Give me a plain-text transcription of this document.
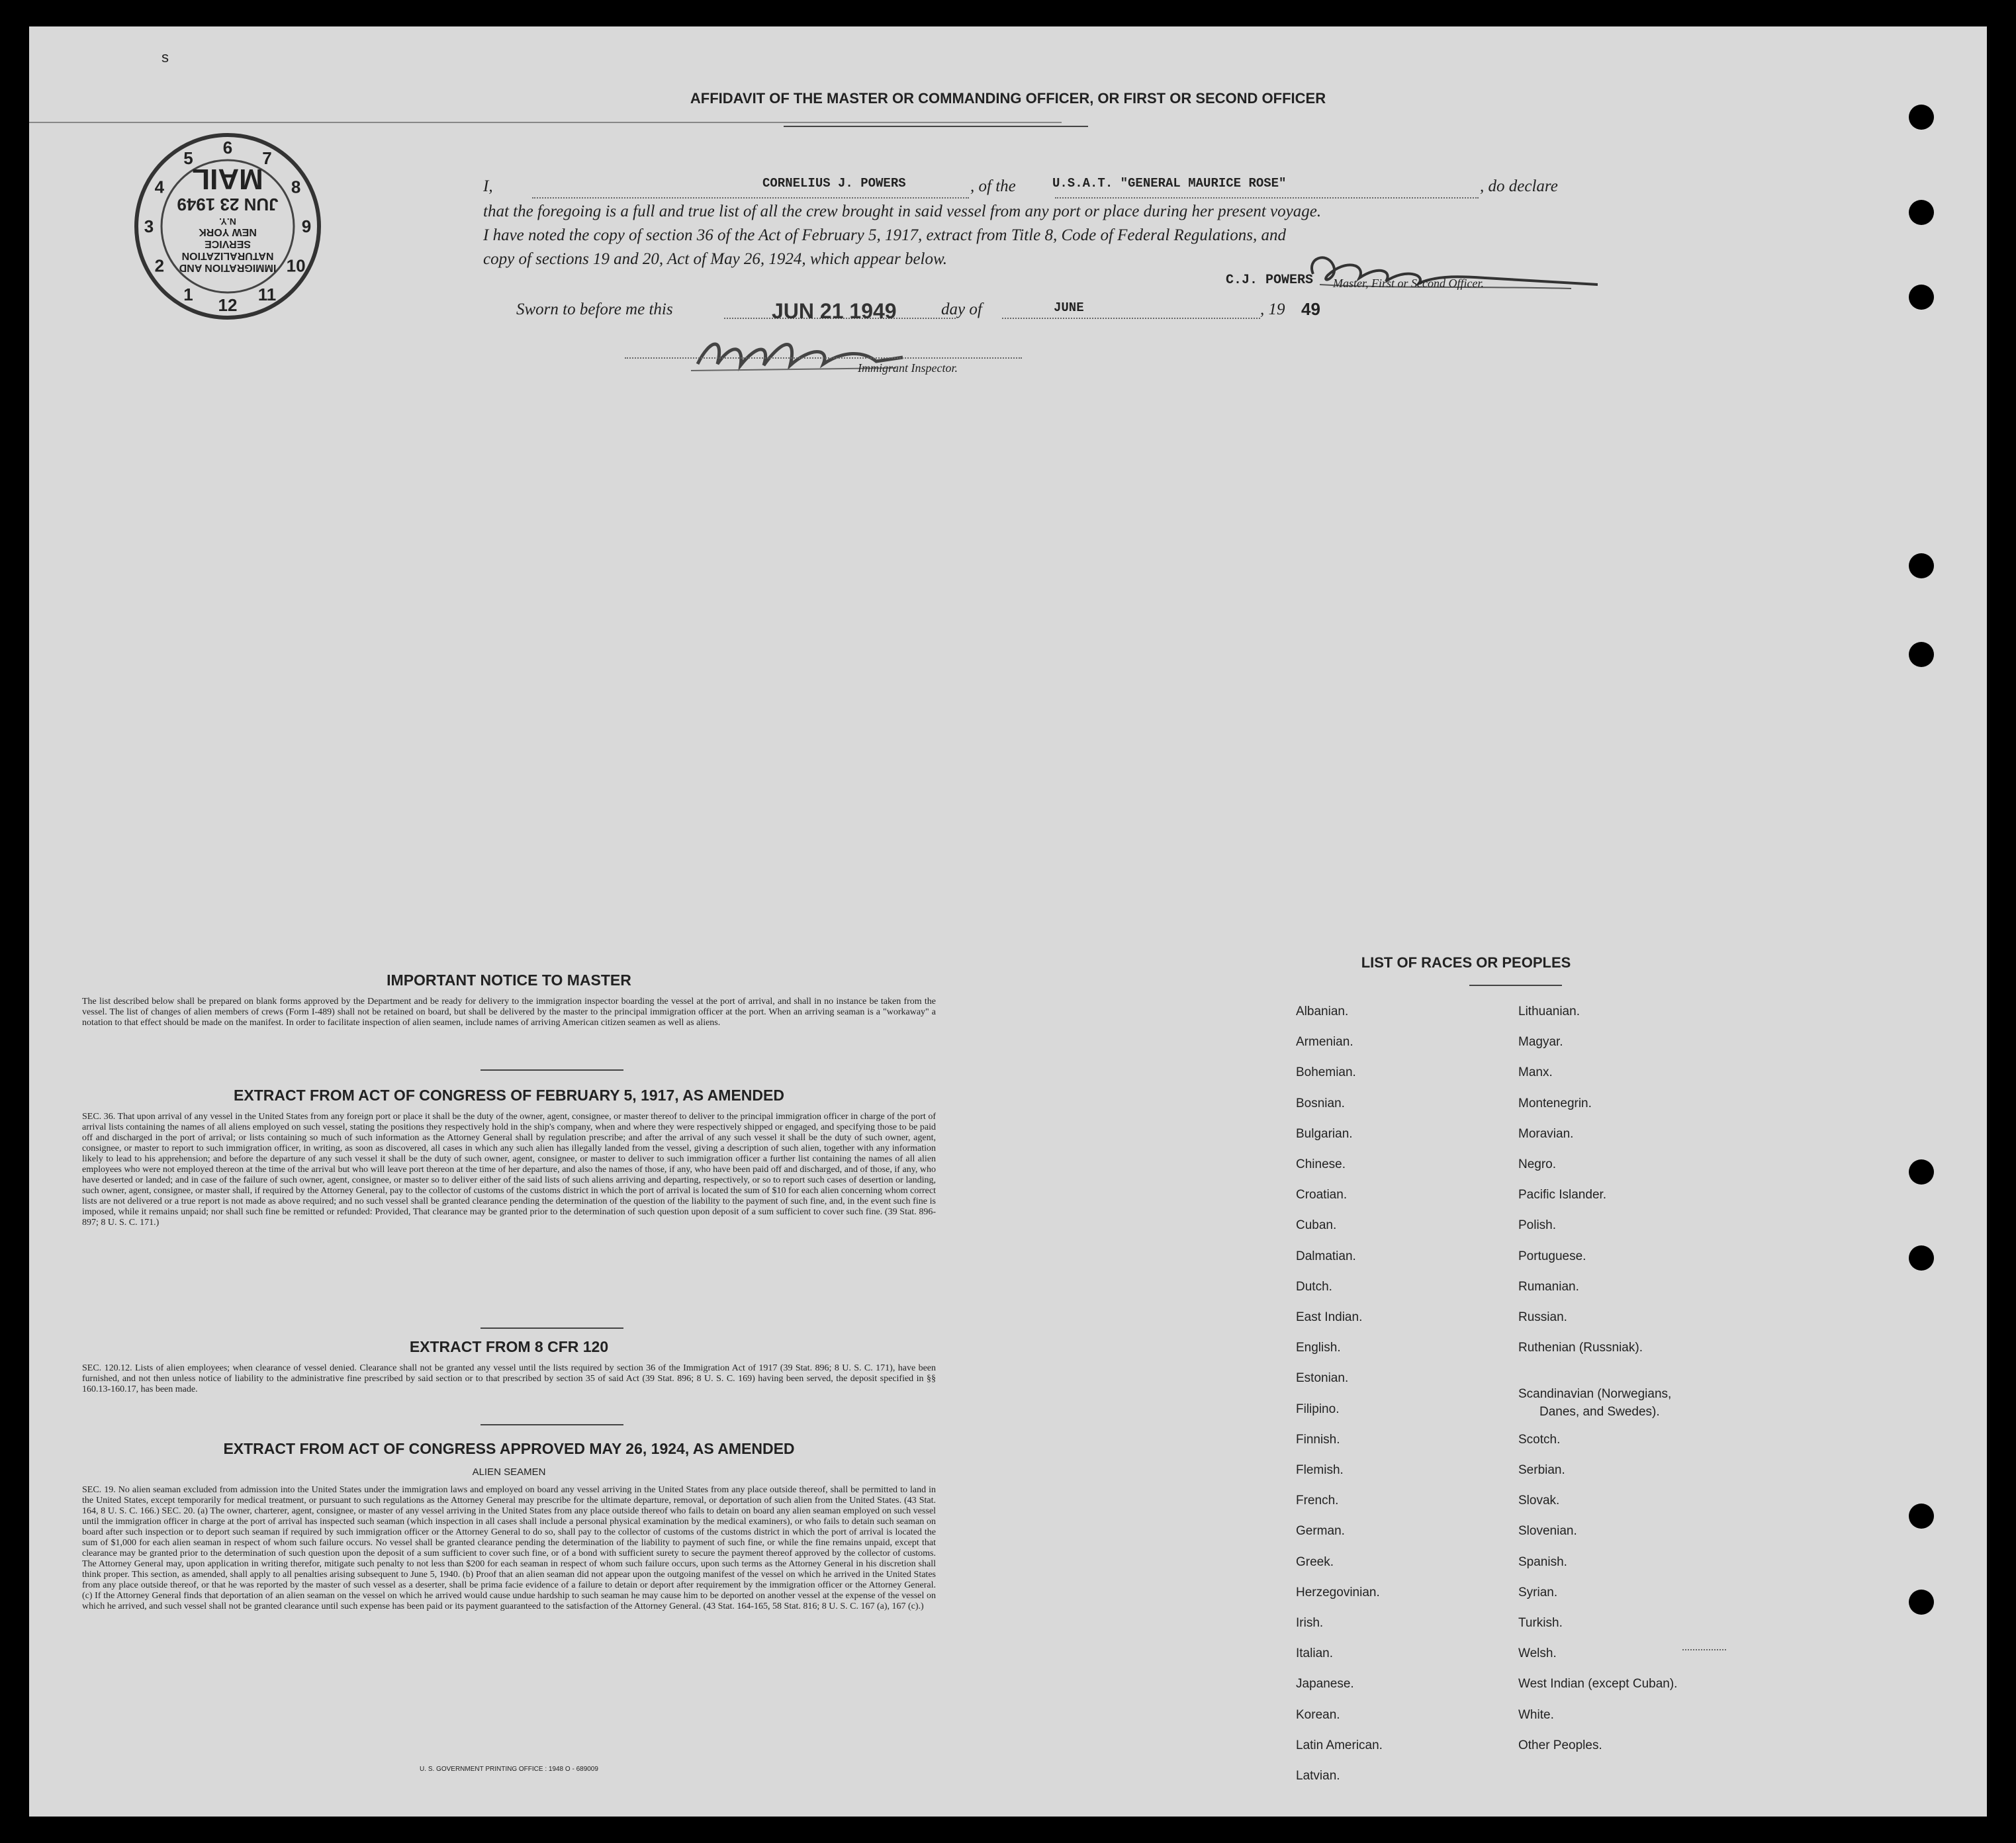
s
AFFIDAVIT OF THE MASTER OR COMMANDING OFFICER, OR FIRST OR SECOND OFFICER
1
2
3
4
5
6
7
8
9
10
11
12
IMMIGRATION AND
NATURALIZATION
SERVICE
NEW YORK
N.Y.
JUN 23 1949
MAIL	I,	CORNELIUS J. POWERS	, of the	U.S.A.T. "GENERAL MAURICE ROSE"	, do declare
that the foregoing is a full and true list of all the crew brought in said vessel from any port or place during her present voyage.
I have noted the copy of section 36 of the Act of February 5, 1917, extract from Title 8, Code of Federal Regulations, and
copy of sections 19 and 20, Act of May 26, 1924, which appear below.
C.J. POWERS Master, First or Second Officer.
Sworn to before me this	JUN 21 1949	day of	JUNE	, 19 49
Immigrant Inspector.
IMPORTANT NOTICE TO MASTER
The list described below shall be prepared on blank forms approved by the Department and be ready for delivery to the immigration inspector boarding the vessel at the port of arrival, and shall in no instance be taken from the vessel. The list of changes of alien members of crews (Form I-489) shall not be retained on board, but shall be delivered by the master to the principal immigration officer at the port. When an arriving seaman is a "workaway" a notation to that effect should be made on the manifest. In order to facilitate inspection of alien seamen, include names of arriving American citizen seamen as well as aliens.
EXTRACT FROM ACT OF CONGRESS OF FEBRUARY 5, 1917, AS AMENDED
SEC. 36. That upon arrival of any vessel in the United States from any foreign port or place it shall be the duty of the owner, agent, consignee, or master thereof to deliver to the principal immigration officer in charge of the port of arrival lists containing the names of all aliens employed on such vessel, stating the positions they respectively hold in the ship's company, when and where they were respectively shipped or engaged, and specifying those to be paid off and discharged in the port of arrival; or lists containing so much of such information as the Attorney General shall by regulation prescribe; and after the arrival of any such vessel it shall be the duty of such owner, agent, consignee, or master to report to such immigration officer, in writing, as soon as discovered, all cases in which any such alien has illegally landed from the vessel, giving a description of such alien, together with any information likely to lead to his apprehension; and before the departure of any such vessel it shall be the duty of such owner, agent, consignee, or master to deliver to such immigration officer a further list containing the names of all alien employees who were not employed thereon at the time of the arrival but who will leave port thereon at the time of her departure, and also the names of those, if any, who have been paid off and discharged, and of those, if any, who have deserted or landed; and in case of the failure of such owner, agent, consignee, or master so to deliver either of the said lists of such aliens arriving and departing, respectively, or so to report such cases of desertion or landing, such owner, agent, consignee, or master shall, if required by the Attorney General, pay to the collector of customs of the customs district in which the port of arrival is located the sum of $10 for each alien concerning whom correct lists are not delivered or a true report is not made as above required; and no such vessel shall be granted clearance pending the determination of the question of the liability to the payment of such fine, and, in the event such fine is imposed, while it remains unpaid; nor shall such fine be remitted or refunded: Provided, That clearance may be granted prior to the determination of such question upon deposit of a sum sufficient to cover such fine. (39 Stat. 896-897; 8 U. S. C. 171.)
EXTRACT FROM 8 CFR 120
SEC. 120.12. Lists of alien employees; when clearance of vessel denied. Clearance shall not be granted any vessel until the lists required by section 36 of the Immigration Act of 1917 (39 Stat. 896; 8 U. S. C. 171), have been furnished, and not then unless notice of liability to the administrative fine prescribed by said section or to that prescribed by section 35 of said Act (39 Stat. 896; 8 U. S. C. 169) having been served, the deposit specified in §§ 160.13-160.17, has been made.
EXTRACT FROM ACT OF CONGRESS APPROVED MAY 26, 1924, AS AMENDED
ALIEN SEAMEN
SEC. 19. No alien seaman excluded from admission into the United States under the immigration laws and employed on board any vessel arriving in the United States from any place outside thereof, shall be permitted to land in the United States, except temporarily for medical treatment, or pursuant to such regulations as the Attorney General may prescribe for the ultimate departure, removal, or deportation of such alien from the United States. (43 Stat. 164, 8 U. S. C. 166.) SEC. 20. (a) The owner, charterer, agent, consignee, or master of any vessel arriving in the United States from any place outside thereof who fails to detain on board any alien seaman employed on such vessel until the immigration officer in charge at the port of arrival has inspected such seaman (which inspection in all cases shall include a personal physical examination by the medical examiners), or who fails to detain such seaman on board after such inspection or to deport such seaman if required by such immigration officer or the Attorney General to do so, shall pay to the collector of customs of the customs district in which the port of arrival is located the sum of $1,000 for each alien seaman in respect of whom such failure occurs. No vessel shall be granted clearance pending the determination of the liability to payment of such fine, or while the fine remains unpaid, except that clearance may be granted prior to the determination of such question upon the deposit of a sum sufficient to cover such fine, or of a bond with sufficient surety to secure the payment thereof approved by the collector of customs. The Attorney General may, upon application in writing therefor, mitigate such penalty to not less than $200 for each seaman in respect of whom such failure occurs, upon such terms as the Attorney General in his discretion shall think proper. This section, as amended, shall apply to all penalties arising subsequent to June 5, 1940. (b) Proof that an alien seaman did not appear upon the outgoing manifest of the vessel on which he arrived in the United States from any place outside thereof, or that he was reported by the master of such vessel as a deserter, shall be prima facie evidence of a failure to detain or deport after requirement by the immigration officer or the Attorney General. (c) If the Attorney General finds that deportation of an alien seaman on the vessel on which he arrived would cause undue hardship to such seaman he may cause him to be deported on another vessel at the expense of the vessel on which he arrived, and such vessel shall not be granted clearance until such expense has been paid or its payment guaranteed to the satisfaction of the Attorney General. (43 Stat. 164-165, 58 Stat. 816; 8 U. S. C. 167 (a), 167 (c).)
U. S. GOVERNMENT PRINTING OFFICE : 1948 O - 689009
LIST OF RACES OR PEOPLES
Albanian.
Armenian.
Bohemian.
Bosnian.
Bulgarian.
Chinese.
Croatian.
Cuban.
Dalmatian.
Dutch.
East Indian.
English.
Estonian.
Filipino.
Finnish.
Flemish.
French.
German.
Greek.
Herzegovinian.
Irish.
Italian.
Japanese.
Korean.
Latin American.
Latvian.
Lithuanian.
Magyar.
Manx.
Montenegrin.
Moravian.
Negro.
Pacific Islander.
Polish.
Portuguese.
Rumanian.
Russian.
Ruthenian (Russniak).
Scandinavian (Norwegians,
Danes, and Swedes).
Scotch.
Serbian.
Slovak.
Slovenian.
Spanish.
Syrian.
Turkish.
Welsh.
West Indian (except Cuban).
White.
Other Peoples.
